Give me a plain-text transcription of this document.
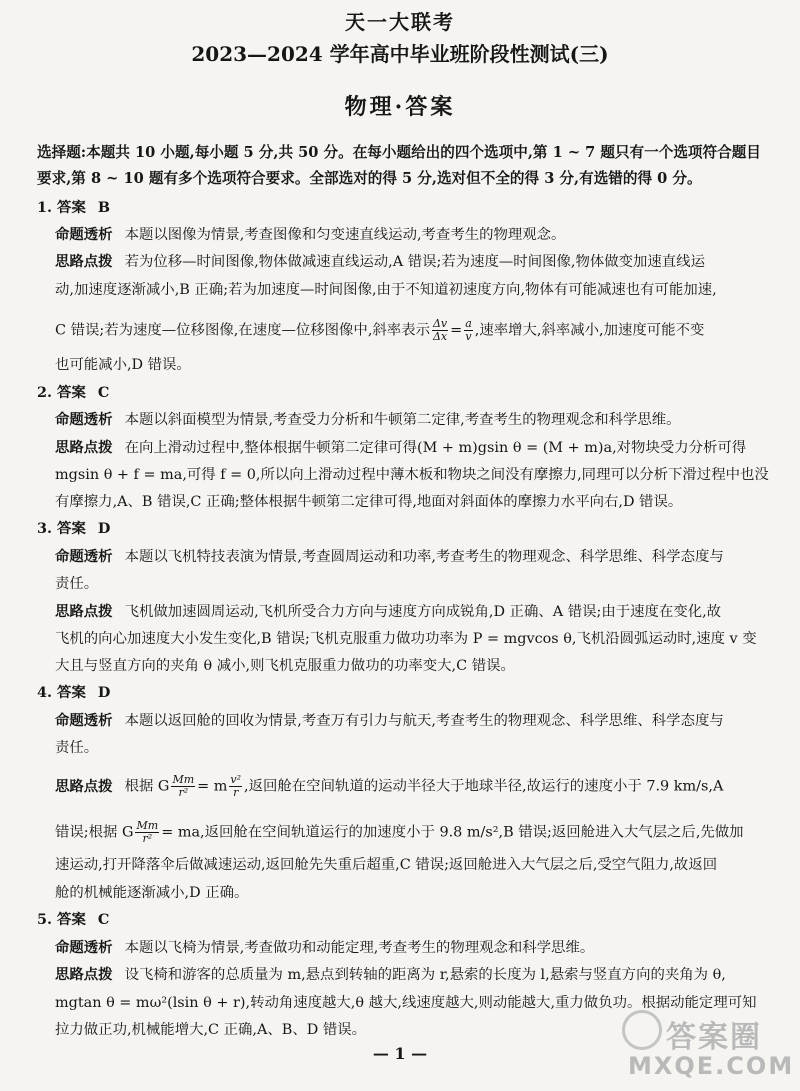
天一大联考
2023—2024 学年高中毕业班阶段性测试(三)
物理·答案
选择题:本题共 10 小题,每小题 5 分,共 50 分。在每小题给出的四个选项中,第 1 ~ 7 题只有一个选项符合题目
要求,第 8 ~ 10 题有多个选项符合要求。全部选对的得 5 分,选对但不全的得 3 分,有选错的得 0 分。
1. 答案 B
命题透析 本题以图像为情景,考查图像和匀变速直线运动,考查考生的物理观念。
思路点拨 若为位移—时间图像,物体做减速直线运动,A 错误;若为速度—时间图像,物体做变加速直线运
动,加速度逐渐减小,B 正确;若为加速度—时间图像,由于不知道初速度方向,物体有可能减速也有可能加速,
C 错误;若为速度—位移图像,在速度—位移图像中,斜率表示 $\frac{\Delta v}{\Delta x} = \frac{a}{v}$ ,速率增大,斜率减小,加速度可能不变
也可能减小,D 错误。
2. 答案 C
命题透析 本题以斜面模型为情景,考查受力分析和牛顿第二定律,考查考生的物理观念和科学思维。
思路点拨 在向上滑动过程中,整体根据牛顿第二定律可得(M + m)gsin θ = (M + m)a,对物块受力分析可得
mgsin θ + f = ma,可得 f = 0,所以向上滑动过程中薄木板和物块之间没有摩擦力,同理可以分析下滑过程中也没
有摩擦力,A、B 错误,C 正确;整体根据牛顿第二定律可得,地面对斜面体的摩擦力水平向右,D 错误。
3. 答案 D
命题透析 本题以飞机特技表演为情景,考查圆周运动和功率,考查考生的物理观念、科学思维、科学态度与
责任。
思路点拨 飞机做加速圆周运动,飞机所受合力方向与速度方向成锐角,D 正确、A 错误;由于速度在变化,故
飞机的向心加速度大小发生变化,B 错误;飞机克服重力做功功率为 P = mgvcos θ,飞机沿圆弧运动时,速度 v 变
大且与竖直方向的夹角 θ 减小,则飞机克服重力做功的功率变大,C 错误。
4. 答案 D
命题透析 本题以返回舱的回收为情景,考查万有引力与航天,考查考生的物理观念、科学思维、科学态度与
责任。
思路点拨 根据 G $\frac{Mm}{\text{r²}} = m \frac{\text{v²}}{r}$ ,返回舱在空间轨道的运动半径大于地球半径,故运行的速度小于 7.9 km/s,A
错误;根据 G $\frac{Mm}{\text{r²}}$ = ma,返回舱在空间轨道运行的加速度小于 9.8 m/s²,B 错误;返回舱进入大气层之后,先做加
速运动,打开降落伞后做减速运动,返回舱先失重后超重,C 错误;返回舱进入大气层之后,受空气阻力,故返回
舱的机械能逐渐减小,D 正确。
5. 答案 C
命题透析 本题以飞椅为情景,考查做功和动能定理,考查考生的物理观念和科学思维。
思路点拨 设飞椅和游客的总质量为 m,悬点到转轴的距离为 r,悬索的长度为 l,悬索与竖直方向的夹角为 θ,
mgtan θ = mω²(lsin θ + r),转动角速度越大,θ 越大,线速度越大,则动能越大,重力做负功。根据动能定理可知
拉力做正功,机械能增大,C 正确,A、B、D 错误。
— 1 —	答案圈
MXQE.COM
